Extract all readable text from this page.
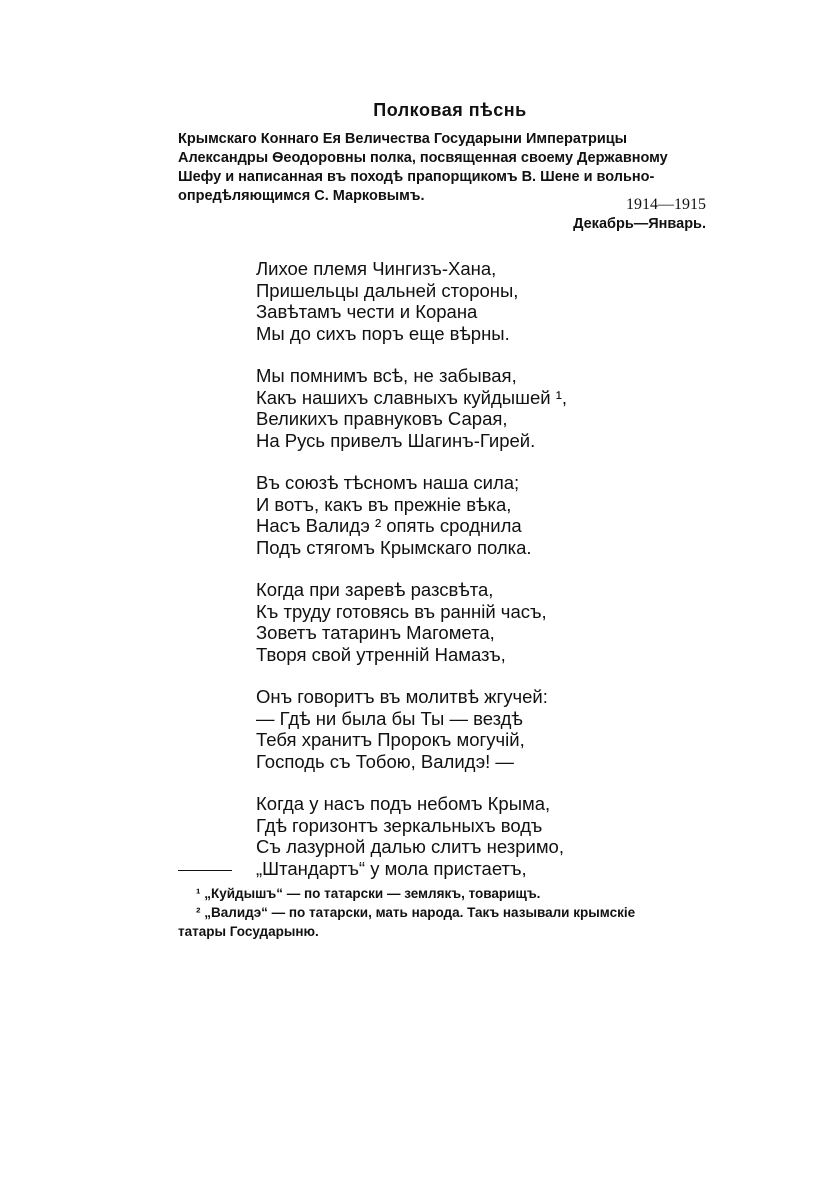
Полковая пѣснь
Крымскаго Коннаго Ея Величества Государыни Императрицы
Александры Ѳеодоровны полка, посвященная своему Державному
Шефу и написанная въ походѣ прапорщикомъ В. Шене и вольно-
опредѣляющимся С. Марковымъ.	1914—1915
Декабрь—Январь.
Лихое племя Чингизъ-Хана,
Пришельцы дальней стороны,
Завѣтамъ чести и Корана
Мы до сихъ поръ еще вѣрны.
Мы помнимъ всѣ, не забывая,
Какъ нашихъ славныхъ куйдышей ¹,
Великихъ правнуковъ Сарая,
На Русь привелъ Шагинъ-Гирей.
Въ союзѣ тѣсномъ наша сила;
И вотъ, какъ въ прежніе вѣка,
Насъ Валидэ ² опять сроднила
Подъ стягомъ Крымскаго полка.
Когда при заревѣ разсвѣта,
Къ труду готовясь въ ранній часъ,
Зоветъ татаринъ Магомета,
Творя свой утренній Намазъ,
Онъ говоритъ въ молитвѣ жгучей:
— Гдѣ ни была бы Ты — вездѣ
Тебя хранитъ Пророкъ могучій,
Господь съ Тобою, Валидэ! —
Когда у насъ подъ небомъ Крыма,
Гдѣ горизонтъ зеркальныхъ водъ
Съ лазурной далью слитъ незримо,
„Штандартъ“ у мола пристаетъ,
¹ „Куйдышъ“ — по татарски — землякъ, товарищъ.
² „Валидэ“ — по татарски, мать народа. Такъ называли крымскіе
татары Государыню.
